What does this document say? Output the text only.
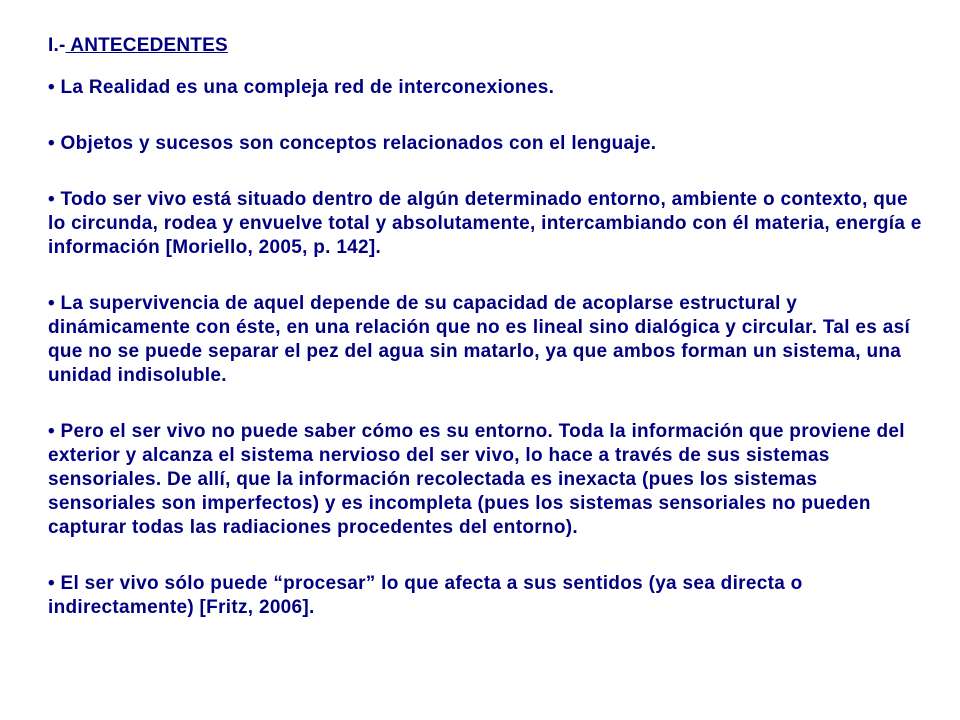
I.- ANTECEDENTES

• La Realidad es una compleja red de interconexiones.

• Objetos y sucesos son conceptos relacionados con el lenguaje.

• Todo ser vivo está situado dentro de algún determinado entorno, ambiente o contexto, que lo circunda, rodea y envuelve total y absolutamente, intercambiando con él materia, energía e información [Moriello, 2005, p. 142].

• La supervivencia de aquel depende de su capacidad de acoplarse estructural y dinámicamente con éste, en una relación que no es lineal sino dialógica y circular. Tal es así que no se puede separar el pez del agua sin matarlo, ya que ambos forman un sistema, una unidad indisoluble.

• Pero el ser vivo no puede saber cómo es su entorno. Toda la información que proviene del exterior y alcanza el sistema nervioso del ser vivo, lo hace a través de sus sistemas sensoriales. De allí, que la información recolectada es inexacta (pues los sistemas sensoriales son imperfectos) y es incompleta (pues los sistemas sensoriales no pueden capturar todas las radiaciones procedentes del entorno).

• El ser vivo sólo puede “procesar” lo que afecta a sus sentidos (ya sea directa o indirectamente) [Fritz, 2006].
